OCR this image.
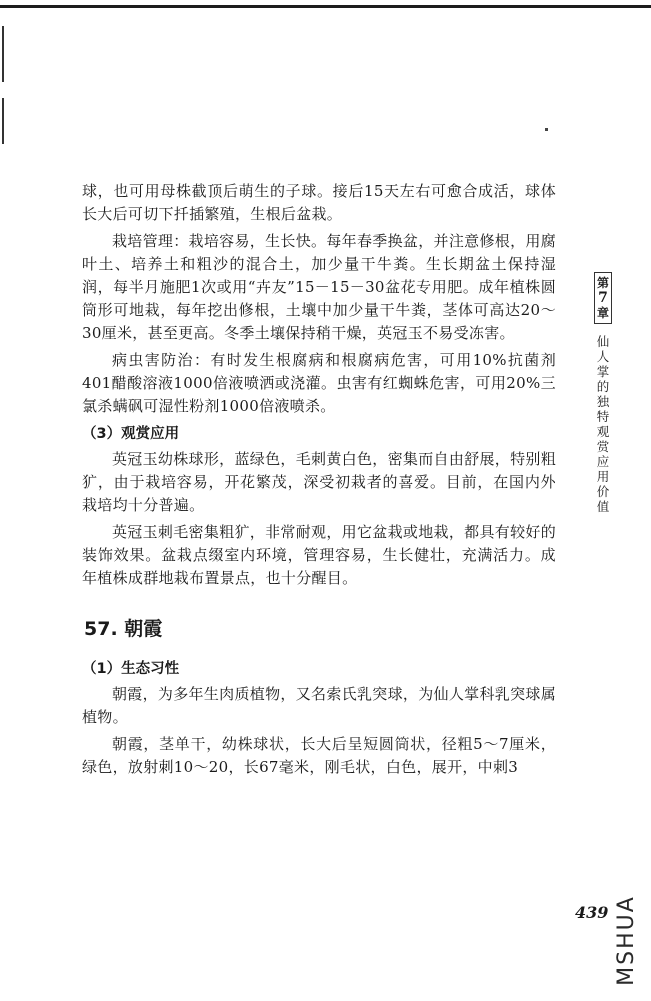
球，也可用母株截顶后萌生的子球。接后15天左右可愈合成活，球体长大后可切下扦插繁殖，生根后盆栽。

栽培管理：栽培容易，生长快。每年春季换盆，并注意修根，用腐叶土、培养土和粗沙的混合土，加少量干牛粪。生长期盆土保持湿润，每半月施肥1次或用“卉友”15－15－30盆花专用肥。成年植株圆筒形可地栽，每年挖出修根，土壤中加少量干牛粪，茎体可高达20～30厘米，甚至更高。冬季土壤保持稍干燥，英冠玉不易受冻害。

病虫害防治：有时发生根腐病和根腐病危害，可用10%抗菌剂401醋酸溶液1000倍液喷洒或浇灌。虫害有红蜘蛛危害，可用20%三氯杀螨砜可湿性粉剂1000倍液喷杀。

（3）观赏应用

英冠玉幼株球形，蓝绿色，毛刺黄白色，密集而自由舒展，特别粗犷，由于栽培容易，开花繁茂，深受初栽者的喜爱。目前，在国内外栽培均十分普遍。

英冠玉刺毛密集粗犷，非常耐观，用它盆栽或地栽，都具有较好的装饰效果。盆栽点缀室内环境，管理容易，生长健壮，充满活力。成年植株成群地栽布置景点，也十分醒目。

57. 朝霞
（1）生态习性

朝霞，为多年生肉质植物，又名索氏乳突球，为仙人掌科乳突球属植物。

朝霞，茎单干，幼株球状，长大后呈短圆筒状，径粗5～7厘米，绿色，放射刺10～20，长67毫米，刚毛状，白色，展开，中刺3

第
7
章
仙
人
掌
的
独
特
观
赏
应
用
价
值
439 MSHUA
